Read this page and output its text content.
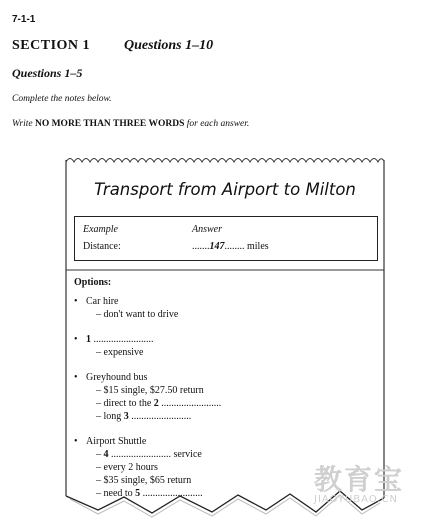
7-1-1
SECTION 1 Questions 1–10
Questions 1–5
Complete the notes below.
Write NO MORE THAN THREE WORDS for each answer.
Transport from Airport to Milton
Example	Answer
Distance:	.......147........ miles
Options:
• Car hire
– don't want to drive
• 1 ........................
– expensive
• Greyhound bus
– $15 single, $27.50 return
– direct to the 2 ........................
– long 3 ........................
• Airport Shuttle
– 4 ........................ service
– every 2 hours
– $35 single, $65 return
– need to 5 ........................	教育宝
JIAOYUBAO.CN
